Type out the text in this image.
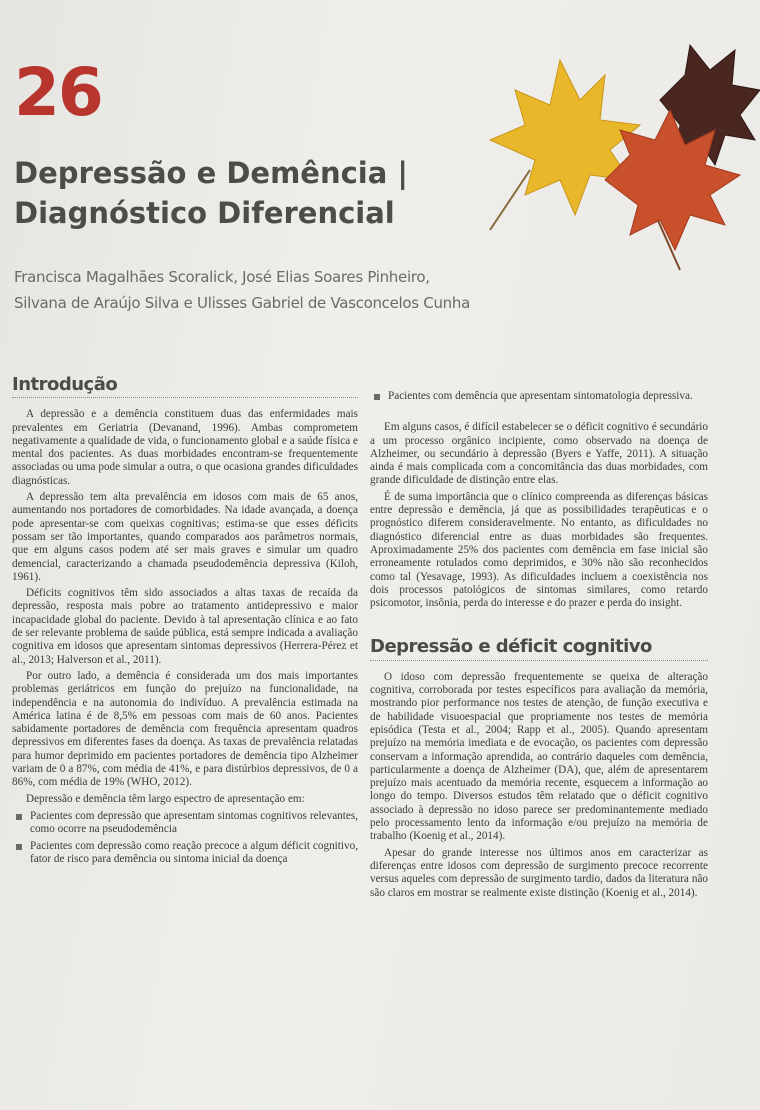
26
Depressão e Demência |
Diagnóstico Diferencial
Francisca Magalhães Scoralick, José Elias Soares Pinheiro,
Silvana de Araújo Silva e Ulisses Gabriel de Vasconcelos Cunha
Introdução

A depressão e a demência constituem duas das enfermidades mais prevalentes em Geriatria (Devanand, 1996). Ambas comprometem negativamente a qualidade de vida, o funcionamento global e a saúde física e mental dos pacientes. As duas morbidades encontram-se frequentemente associadas ou uma pode simular a outra, o que ocasiona grandes dificuldades diagnósticas.

A depressão tem alta prevalência em idosos com mais de 65 anos, aumentando nos portadores de comorbidades. Na idade avançada, a doença pode apresentar-se com queixas cognitivas; estima-se que esses déficits possam ser tão importantes, quando comparados aos parâmetros normais, que em alguns casos podem até ser mais graves e simular um quadro demencial, caracterizando a chamada pseudodemência depressiva (Kiloh, 1961).

Déficits cognitivos têm sido associados a altas taxas de recaída da depressão, resposta mais pobre ao tratamento antidepressivo e maior incapacidade global do paciente. Devido à tal apresentação clínica e ao fato de ser relevante problema de saúde pública, está sempre indicada a avaliação cognitiva em idosos que apresentam sintomas depressivos (Herrera-Pérez et al., 2013; Halverson et al., 2011).

Por outro lado, a demência é considerada um dos mais importantes problemas geriátricos em função do prejuízo na funcionalidade, na independência e na autonomia do indivíduo. A prevalência estimada na América latina é de 8,5% em pessoas com mais de 60 anos. Pacientes sabidamente portadores de demência com frequência apresentam quadros depressivos em diferentes fases da doença. As taxas de prevalência relatadas para humor deprimido em pacientes portadores de demência tipo Alzheimer variam de 0 a 87%, com média de 41%, e para distúrbios depressivos, de 0 a 86%, com média de 19% (WHO, 2012).

Depressão e demência têm largo espectro de apresentação em:

Pacientes com depressão que apresentam sintomas cognitivos relevantes, como ocorre na pseudodemência
Pacientes com depressão como reação precoce a algum déficit cognitivo, fator de risco para demência ou sintoma inicial da doença
Pacientes com demência que apresentam sintomatologia depressiva.

Em alguns casos, é difícil estabelecer se o déficit cognitivo é secundário a um processo orgânico incipiente, como observado na doença de Alzheimer, ou secundário à depressão (Byers e Yaffe, 2011). A situação ainda é mais complicada com a concomitância das duas morbidades, com grande dificuldade de distinção entre elas.

É de suma importância que o clínico compreenda as diferenças básicas entre depressão e demência, já que as possibilidades terapêuticas e o prognóstico diferem consideravelmente. No entanto, as dificuldades no diagnóstico diferencial entre as duas morbidades são frequentes. Aproximadamente 25% dos pacientes com demência em fase inicial são erroneamente rotulados como deprimidos, e 30% não são reconhecidos como tal (Yesavage, 1993). As dificuldades incluem a coexistência nos dois processos patológicos de sintomas similares, como retardo psicomotor, insônia, perda do interesse e do prazer e perda do insight.

Depressão e déficit cognitivo

O idoso com depressão frequentemente se queixa de alteração cognitiva, corroborada por testes específicos para avaliação da memória, mostrando pior performance nos testes de atenção, de função executiva e de habilidade visuoespacial que propriamente nos testes de memória episódica (Testa et al., 2004; Rapp et al., 2005). Quando apresentam prejuízo na memória imediata e de evocação, os pacientes com depressão conservam a informação aprendida, ao contrário daqueles com demência, particularmente a doença de Alzheimer (DA), que, além de apresentarem prejuízo mais acentuado da memória recente, esquecem a informação ao longo do tempo. Diversos estudos têm relatado que o déficit cognitivo associado à depressão no idoso parece ser predominantemente mediado pelo processamento lento da informação e/ou prejuízo na memória de trabalho (Koenig et al., 2014).

Apesar do grande interesse nos últimos anos em caracterizar as diferenças entre idosos com depressão de surgimento precoce recorrente versus aqueles com depressão de surgimento tardio, dados da literatura não são claros em mostrar se realmente existe distinção (Koenig et al., 2014).
